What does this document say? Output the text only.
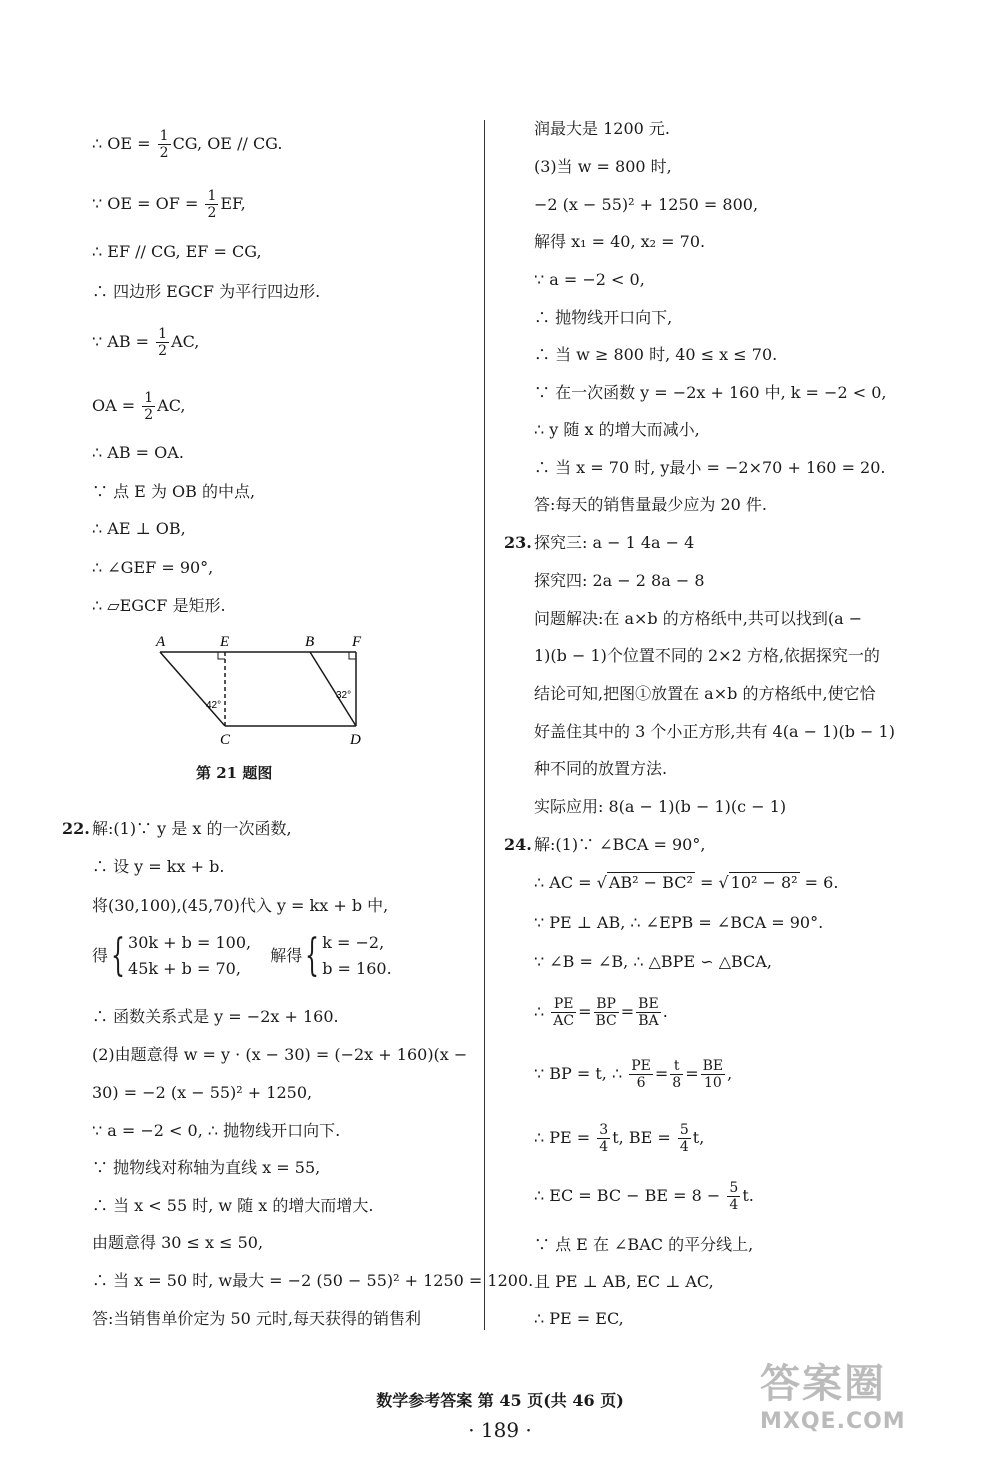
∴ OE = $\frac{1}{2}$ CG, OE // CG.
∵ OE = OF = $\frac{1}{2}$ EF,
∴ EF // CG, EF = CG,
∴ 四边形 EGCF 为平行四边形.
∵ AB = $\frac{1}{2}$ AC,
OA = $\frac{1}{2}$ AC,
∴ AB = OA.
∵ 点 E 为 OB 的中点,
∴ AE ⊥ OB,
∴ ∠GEF = 90°,
∴ ▱EGCF 是矩形.
A	E	B	F
C	D
42°
32°
第 21 题图
22. 解:(1)∵ y 是 x 的一次函数,
∴ 设 y = kx + b.
将(30,100),(45,70)代入 y = kx + b 中,
得{ 30k + b = 100,
45k + b = 70,
解得{ k = −2,
b = 160.
∴ 函数关系式是 y = −2x + 160.
(2)由题意得 w = y · (x − 30) = (−2x + 160)(x −
30) = −2 (x − 55)² + 1250,
∵ a = −2 < 0, ∴ 抛物线开口向下.
∵ 抛物线对称轴为直线 x = 55,
∴ 当 x < 55 时, w 随 x 的增大而增大.
由题意得 30 ≤ x ≤ 50,
∴ 当 x = 50 时, w最大 = −2 (50 − 55)² + 1250 = 1200.
答:当销售单价定为 50 元时,每天获得的销售利
润最大是 1200 元.
(3)当 w = 800 时,
−2 (x − 55)² + 1250 = 800,
解得 x₁ = 40, x₂ = 70.
∵ a = −2 < 0,
∴ 抛物线开口向下,
∴ 当 w ≥ 800 时, 40 ≤ x ≤ 70.
∵ 在一次函数 y = −2x + 160 中, k = −2 < 0,
∴ y 随 x 的增大而减小,
∴ 当 x = 70 时, y最小 = −2×70 + 160 = 20.
答:每天的销售量最少应为 20 件.
23. 探究三: a − 1 4a − 4
探究四: 2a − 2 8a − 8
问题解决:在 a×b 的方格纸中,共可以找到(a −
1)(b − 1)个位置不同的 2×2 方格,依据探究一的
结论可知,把图①放置在 a×b 的方格纸中,使它恰
好盖住其中的 3 个小正方形,共有 4(a − 1)(b − 1)
种不同的放置方法.
实际应用: 8(a − 1)(b − 1)(c − 1)
24. 解:(1)∵ ∠BCA = 90°,
∴ AC = √ AB² − BC² = √ 10² − 8² = 6.
∵ PE ⊥ AB, ∴ ∠EPB = ∠BCA = 90°.
∵ ∠B = ∠B, ∴ △BPE ∽ △BCA,
∴ $\frac{PE}{AC} = \frac{BP}{BC} = \frac{BE}{BA}$ .
∵ BP = t, ∴ $\frac{PE}{6} = \frac{t}{8} = \frac{BE}{10}$ ,
∴ PE = $\frac{3}{4} t$, BE = $\frac{5}{4} t$,
∴ EC = BC − BE = $8 - \frac{5}{4} t$.
∵ 点 E 在 ∠BAC 的平分线上,
且 PE ⊥ AB, EC ⊥ AC,
∴ PE = EC,
数学参考答案 第 45 页(共 46 页)
· 189 ·
答案圈
MXQE.COM
